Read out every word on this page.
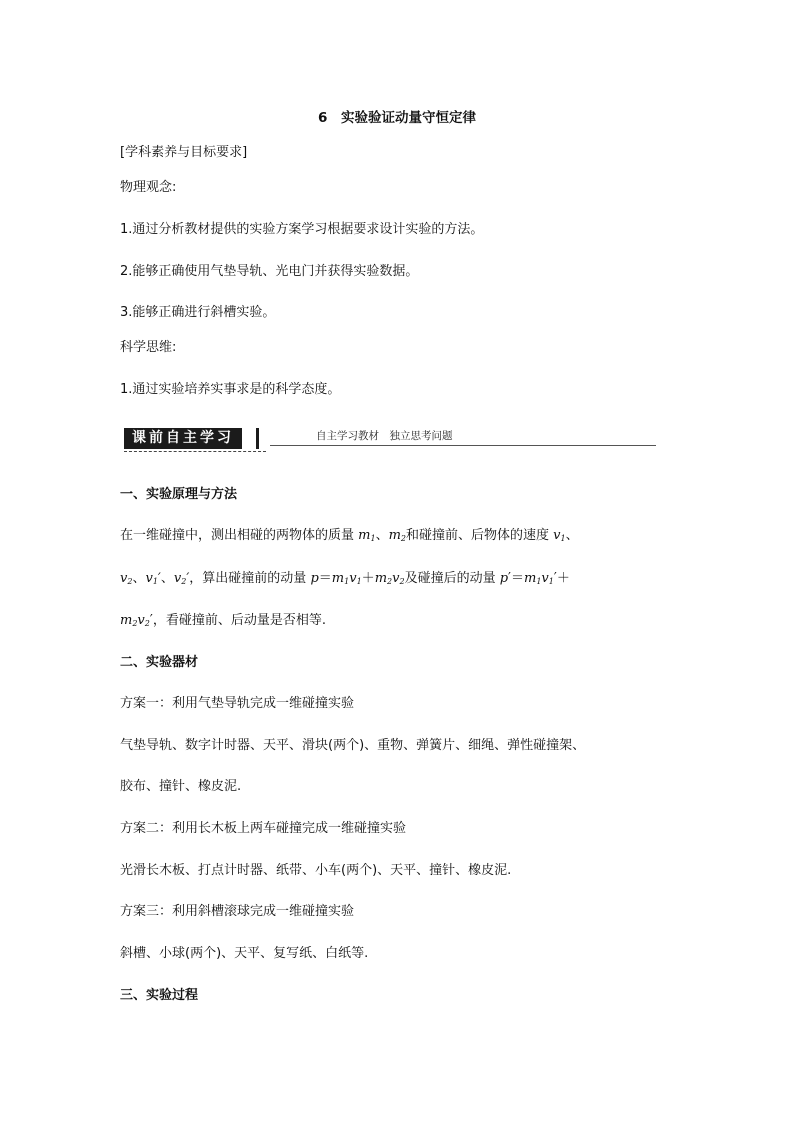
6　实验验证动量守恒定律
[学科素养与目标要求]
物理观念:
1.通过分析教材提供的实验方案学习根据要求设计实验的方法。
2.能够正确使用气垫导轨、光电门并获得实验数据。
3.能够正确进行斜槽实验。
科学思维:
1.通过实验培养实事求是的科学态度。
课前自主学习	自主学习教材　独立思考问题
一、实验原理与方法
在一维碰撞中，测出相碰的两物体的质量 $m_1$、$m_2$和碰撞前、后物体的速度 $v_1$、
$v_2$、$v_1'$、$v_2'$，算出碰撞前的动量 $p=m_1v_1+m_2v_2$及碰撞后的动量 $p'=m_1v_1'+$
$m_2v_2'$，看碰撞前、后动量是否相等.
二、实验器材
方案一：利用气垫导轨完成一维碰撞实验
气垫导轨、数字计时器、天平、滑块(两个)、重物、弹簧片、细绳、弹性碰撞架、
胶布、撞针、橡皮泥.
方案二：利用长木板上两车碰撞完成一维碰撞实验
光滑长木板、打点计时器、纸带、小车(两个)、天平、撞针、橡皮泥.
方案三：利用斜槽滚球完成一维碰撞实验
斜槽、小球(两个)、天平、复写纸、白纸等.
三、实验过程
